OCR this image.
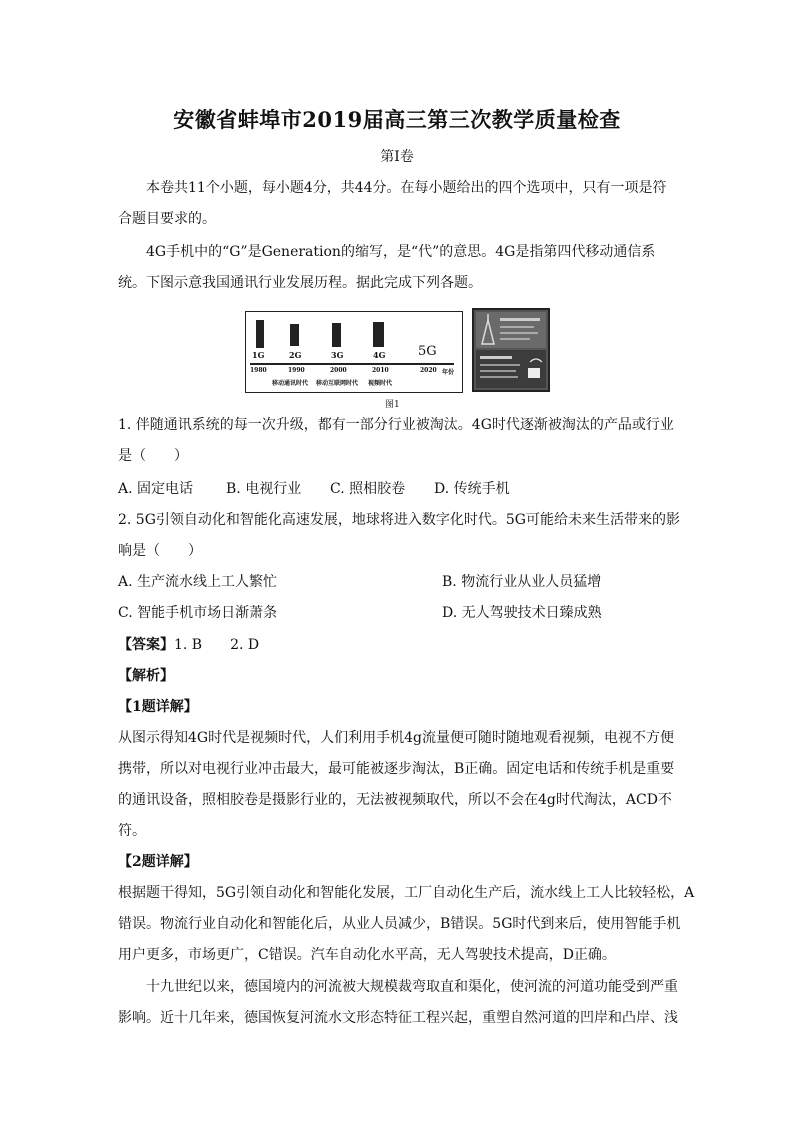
安徽省蚌埠市2019届高三第三次教学质量检查
第I卷

本卷共11个小题，每小题4分，共44分。在每小题给出的四个选项中，只有一项是符合题目要求的。

4G手机中的“G”是Generation的缩写，是“代”的意思。4G是指第四代移动通信系统。下图示意我国通讯行业发展历程。据此完成下列各题。

1G	2G	3G	4G	5G
1980	1990	2000	2010	2020 年份
移动通讯时代 移动互联网时代 视频时代
图1
1. 伴随通讯系统的每一次升级，都有一部分行业被淘汰。4G时代逐渐被淘汰的产品或行业
是（　　）
A. 固定电话 B. 电视行业 C. 照相胶卷 D. 传统手机
2. 5G引领自动化和智能化高速发展，地球将进入数字化时代。5G可能给未来生活带来的影
响是（　　）
A. 生产流水线上工人繁忙	B. 物流行业从业人员猛增
C. 智能手机市场日渐萧条	D. 无人驾驶技术日臻成熟
【答案】1. B　　2. D
【解析】
【1题详解】
从图示得知4G时代是视频时代，人们利用手机4g流量便可随时随地观看视频，电视不方便
携带，所以对电视行业冲击最大，最可能被逐步淘汰，B正确。固定电话和传统手机是重要
的通讯设备，照相胶卷是摄影行业的，无法被视频取代，所以不会在4g时代淘汰，ACD不
符。
【2题详解】
根据题干得知，5G引领自动化和智能化发展，工厂自动化生产后，流水线上工人比较轻松，A
错误。物流行业自动化和智能化后，从业人员减少，B错误。5G时代到来后，使用智能手机
用户更多，市场更广，C错误。汽车自动化水平高，无人驾驶技术提高，D正确。
十九世纪以来，德国境内的河流被大规模裁弯取直和渠化，使河流的河道功能受到严重
影响。近十几年来，德国恢复河流水文形态特征工程兴起，重塑自然河道的凹岸和凸岸、浅
